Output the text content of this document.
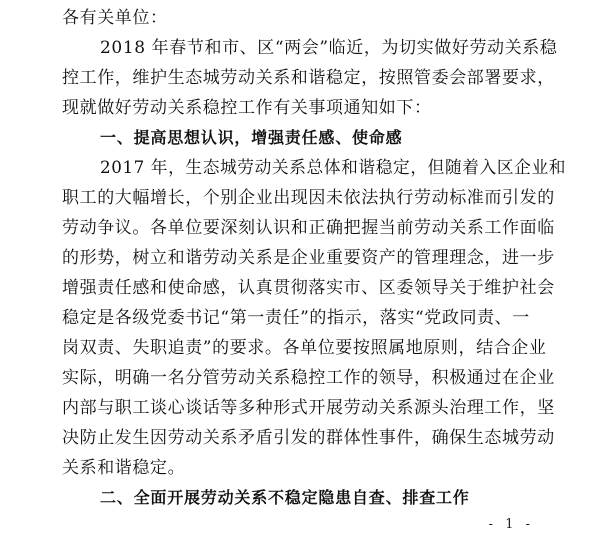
各有关单位：
2018 年春节和市、区“两会”临近，为切实做好劳动关系稳
控工作，维护生态城劳动关系和谐稳定，按照管委会部署要求，
现就做好劳动关系稳控工作有关事项通知如下：
一、提高思想认识，增强责任感、使命感
2017 年，生态城劳动关系总体和谐稳定，但随着入区企业和
职工的大幅增长，个别企业出现因未依法执行劳动标准而引发的
劳动争议。各单位要深刻认识和正确把握当前劳动关系工作面临
的形势，树立和谐劳动关系是企业重要资产的管理理念，进一步
增强责任感和使命感，认真贯彻落实市、区委领导关于维护社会
稳定是各级党委书记“第一责任”的指示，落实“党政同责、一
岗双责、失职追责”的要求。各单位要按照属地原则，结合企业
实际，明确一名分管劳动关系稳控工作的领导，积极通过在企业
内部与职工谈心谈话等多种形式开展劳动关系源头治理工作，坚
决防止发生因劳动关系矛盾引发的群体性事件，确保生态城劳动
关系和谐稳定。
二、全面开展劳动关系不稳定隐患自查、排查工作
- 1 -
